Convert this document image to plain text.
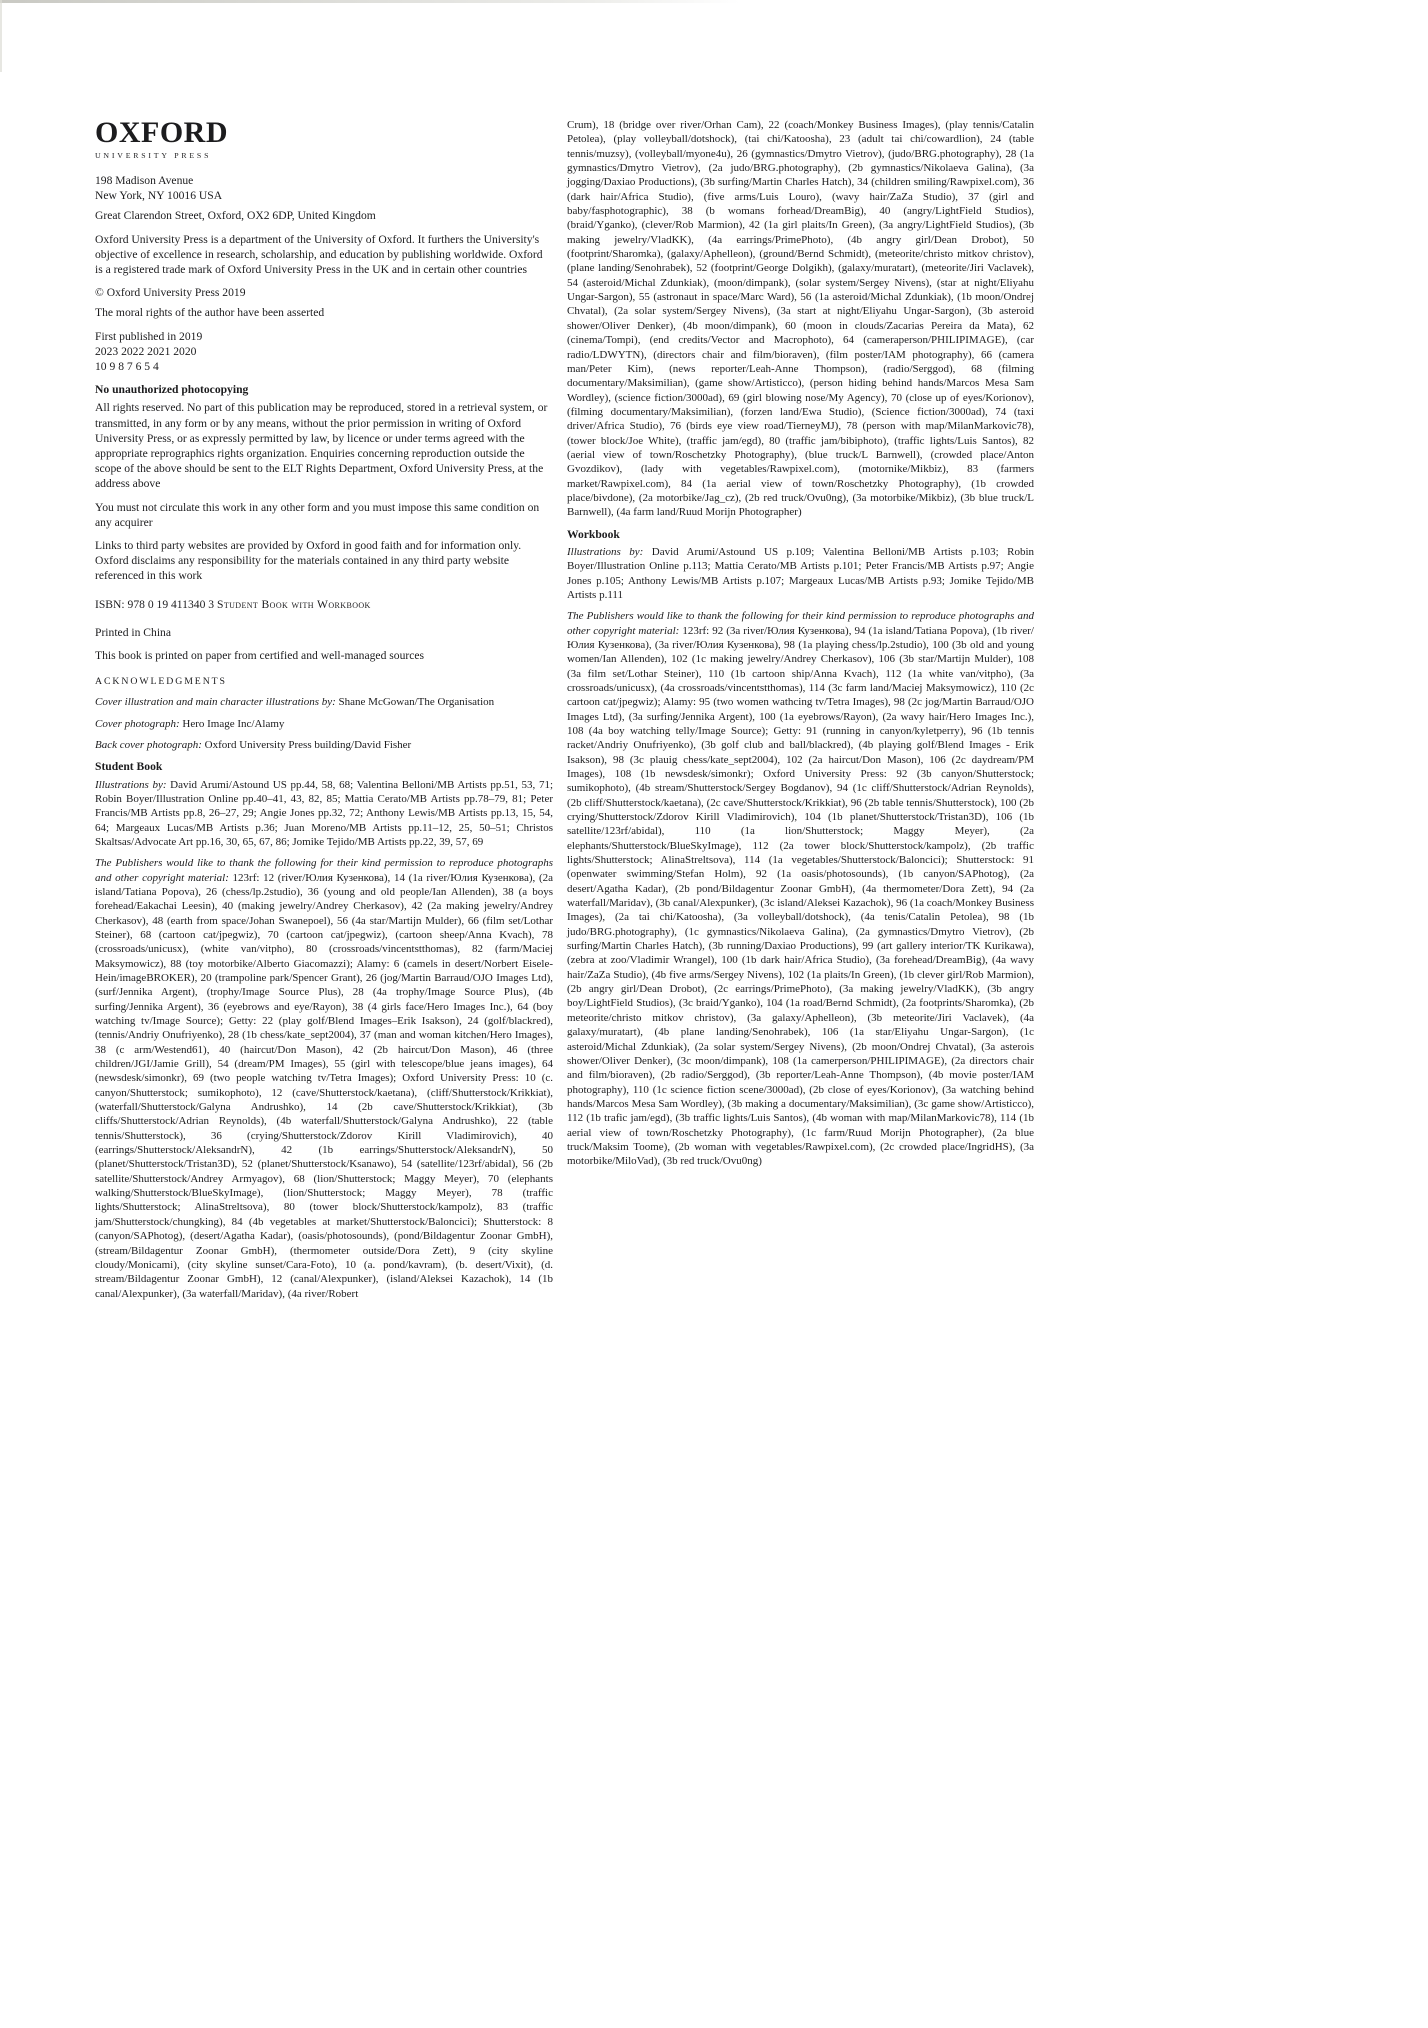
OXFORD
UNIVERSITY PRESS

198 Madison Avenue
New York, NY 10016 USA

Great Clarendon Street, Oxford, OX2 6DP, United Kingdom

Oxford University Press is a department of the University of Oxford. It furthers the University's objective of excellence in research, scholarship, and education by publishing worldwide. Oxford is a registered trade mark of Oxford University Press in the UK and in certain other countries

© Oxford University Press 2019

The moral rights of the author have been asserted

First published in 2019
2023 2022 2021 2020
10 9 8 7 6 5 4

No unauthorized photocopying

All rights reserved. No part of this publication may be reproduced, stored in a retrieval system, or transmitted, in any form or by any means, without the prior permission in writing of Oxford University Press, or as expressly permitted by law, by licence or under terms agreed with the appropriate reprographics rights organization. Enquiries concerning reproduction outside the scope of the above should be sent to the ELT Rights Department, Oxford University Press, at the address above

You must not circulate this work in any other form and you must impose this same condition on any acquirer

Links to third party websites are provided by Oxford in good faith and for information only. Oxford disclaims any responsibility for the materials contained in any third party website referenced in this work

ISBN: 978 0 19 411340 3 Student Book with Workbook

Printed in China

This book is printed on paper from certified and well-managed sources

ACKNOWLEDGMENTS

Cover illustration and main character illustrations by: Shane McGowan/The Organisation

Cover photograph: Hero Image Inc/Alamy

Back cover photograph: Oxford University Press building/David Fisher

Student Book

Illustrations by: David Arumi/Astound US pp.44, 58, 68; Valentina Belloni/MB Artists pp.51, 53, 71; Robin Boyer/Illustration Online pp.40–41, 43, 82, 85; Mattia Cerato/MB Artists pp.78–79, 81; Peter Francis/MB Artists pp.8, 26–27, 29; Angie Jones pp.32, 72; Anthony Lewis/MB Artists pp.13, 15, 54, 64; Margeaux Lucas/MB Artists p.36; Juan Moreno/MB Artists pp.11–12, 25, 50–51; Christos Skaltsas/Advocate Art pp.16, 30, 65, 67, 86; Jomike Tejido/MB Artists pp.22, 39, 57, 69

The Publishers would like to thank the following for their kind permission to reproduce photographs and other copyright material: 123rf: 12 (river/Юлия Кузенкова), 14 (1a river/Юлия Кузенкова), (2a island/Tatiana Popova), 26 (chess/lp.2studio), 36 (young and old people/Ian Allenden), 38 (a boys forehead/Eakachai Leesin), 40 (making jewelry/Andrey Cherkasov), 42 (2a making jewelry/Andrey Cherkasov), 48 (earth from space/Johan Swanepoel), 56 (4a star/Martijn Mulder), 66 (film set/Lothar Steiner), 68 (cartoon cat/jpegwiz), 70 (cartoon cat/jpegwiz), (cartoon sheep/Anna Kvach), 78 (crossroads/unicusx), (white van/vitpho), 80 (crossroads/vincentstthomas), 82 (farm/Maciej Maksymowicz), 88 (toy motorbike/Alberto Giacomazzi); Alamy: 6 (camels in desert/Norbert Eisele-Hein/imageBROKER), 20 (trampoline park/Spencer Grant), 26 (jog/Martin Barraud/OJO Images Ltd), (surf/Jennika Argent), (trophy/Image Source Plus), 28 (4a trophy/Image Source Plus), (4b surfing/Jennika Argent), 36 (eyebrows and eye/Rayon), 38 (4 girls face/Hero Images Inc.), 64 (boy watching tv/Image Source); Getty: 22 (play golf/Blend Images–Erik Isakson), 24 (golf/blackred), (tennis/Andriy Onufriyenko), 28 (1b chess/kate_sept2004), 37 (man and woman kitchen/Hero Images), 38 (c arm/Westend61), 40 (haircut/Don Mason), 42 (2b haircut/Don Mason), 46 (three children/JGI/Jamie Grill), 54 (dream/PM Images), 55 (girl with telescope/blue jeans images), 64 (newsdesk/simonkr), 69 (two people watching tv/Tetra Images); Oxford University Press: 10 (c. canyon/Shutterstock; sumikophoto), 12 (cave/Shutterstock/kaetana), (cliff/Shutterstock/Krikkiat), (waterfall/Shutterstock/Galyna Andrushko), 14 (2b cave/Shutterstock/Krikkiat), (3b cliffs/Shutterstock/Adrian Reynolds), (4b waterfall/Shutterstock/Galyna Andrushko), 22 (table tennis/Shutterstock), 36 (crying/Shutterstock/Zdorov Kirill Vladimirovich), 40 (earrings/Shutterstock/AleksandrN), 42 (1b earrings/Shutterstock/AleksandrN), 50 (planet/Shutterstock/Tristan3D), 52 (planet/Shutterstock/Ksanawo), 54 (satellite/123rf/abidal), 56 (2b satellite/Shutterstock/Andrey Armyagov), 68 (lion/Shutterstock; Maggy Meyer), 70 (elephants walking/Shutterstock/BlueSkyImage), (lion/Shutterstock; Maggy Meyer), 78 (traffic lights/Shutterstock; AlinaStreltsova), 80 (tower block/Shutterstock/kampolz), 83 (traffic jam/Shutterstock/chungking), 84 (4b vegetables at market/Shutterstock/Baloncici); Shutterstock: 8 (canyon/SAPhotog), (desert/Agatha Kadar), (oasis/photosounds), (pond/Bildagentur Zoonar GmbH), (stream/Bildagentur Zoonar GmbH), (thermometer outside/Dora Zett), 9 (city skyline cloudy/Monicami), (city skyline sunset/Cara-Foto), 10 (a. pond/kavram), (b. desert/Vixit), (d. stream/Bildagentur Zoonar GmbH), 12 (canal/Alexpunker), (island/Aleksei Kazachok), 14 (1b canal/Alexpunker), (3a waterfall/Maridav), (4a river/Robert

Crum), 18 (bridge over river/Orhan Cam), 22 (coach/Monkey Business Images), (play tennis/Catalin Petolea), (play volleyball/dotshock), (tai chi/Katoosha), 23 (adult tai chi/cowardlion), 24 (table tennis/muzsy), (volleyball/myone4u), 26 (gymnastics/Dmytro Vietrov), (judo/BRG.photography), 28 (1a gymnastics/Dmytro Vietrov), (2a judo/BRG.photography), (2b gymnastics/Nikolaeva Galina), (3a jogging/Daxiao Productions), (3b surfing/Martin Charles Hatch), 34 (children smiling/Rawpixel.com), 36 (dark hair/Africa Studio), (five arms/Luis Louro), (wavy hair/ZaZa Studio), 37 (girl and baby/fasphotographic), 38 (b womans forhead/DreamBig), 40 (angry/LightField Studios), (braid/Yganko), (clever/Rob Marmion), 42 (1a girl plaits/In Green), (3a angry/LightField Studios), (3b making jewelry/VladKK), (4a earrings/PrimePhoto), (4b angry girl/Dean Drobot), 50 (footprint/Sharomka), (galaxy/Aphelleon), (ground/Bernd Schmidt), (meteorite/christo mitkov christov), (plane landing/Senohrabek), 52 (footprint/George Dolgikh), (galaxy/muratart), (meteorite/Jiri Vaclavek), 54 (asteroid/Michal Zdunkiak), (moon/dimpank), (solar system/Sergey Nivens), (star at night/Eliyahu Ungar-Sargon), 55 (astronaut in space/Marc Ward), 56 (1a asteroid/Michal Zdunkiak), (1b moon/Ondrej Chvatal), (2a solar system/Sergey Nivens), (3a start at night/Eliyahu Ungar-Sargon), (3b asteroid shower/Oliver Denker), (4b moon/dimpank), 60 (moon in clouds/Zacarias Pereira da Mata), 62 (cinema/Tompi), (end credits/Vector and Macrophoto), 64 (cameraperson/PHILIPIMAGE), (car radio/LDWYTN), (directors chair and film/bioraven), (film poster/IAM photography), 66 (camera man/Peter Kim), (news reporter/Leah-Anne Thompson), (radio/Serggod), 68 (filming documentary/Maksimilian), (game show/Artisticco), (person hiding behind hands/Marcos Mesa Sam Wordley), (science fiction/3000ad), 69 (girl blowing nose/My Agency), 70 (close up of eyes/Korionov), (filming documentary/Maksimilian), (forzen land/Ewa Studio), (Science fiction/3000ad), 74 (taxi driver/Africa Studio), 76 (birds eye view road/TierneyMJ), 78 (person with map/MilanMarkovic78), (tower block/Joe White), (traffic jam/egd), 80 (traffic jam/bibiphoto), (traffic lights/Luis Santos), 82 (aerial view of town/Roschetzky Photography), (blue truck/L Barnwell), (crowded place/Anton Gvozdikov), (lady with vegetables/Rawpixel.com), (motornike/Mikbiz), 83 (farmers market/Rawpixel.com), 84 (1a aerial view of town/Roschetzky Photography), (1b crowded place/bivdone), (2a motorbike/Jag_cz), (2b red truck/Ovu0ng), (3a motorbike/Mikbiz), (3b blue truck/L Barnwell), (4a farm land/Ruud Morijn Photographer)

Workbook

Illustrations by: David Arumi/Astound US p.109; Valentina Belloni/MB Artists p.103; Robin Boyer/Illustration Online p.113; Mattia Cerato/MB Artists p.101; Peter Francis/MB Artists p.97; Angie Jones p.105; Anthony Lewis/MB Artists p.107; Margeaux Lucas/MB Artists p.93; Jomike Tejido/MB Artists p.111

The Publishers would like to thank the following for their kind permission to reproduce photographs and other copyright material: 123rf: 92 (3a river/Юлия Кузенкова), 94 (1a island/Tatiana Popova), (1b river/Юлия Кузенкова), (3a river/Юлия Кузенкова), 98 (1a playing chess/lp.2studio), 100 (3b old and young women/Ian Allenden), 102 (1c making jewelry/Andrey Cherkasov), 106 (3b star/Martijn Mulder), 108 (3a film set/Lothar Steiner), 110 (1b cartoon ship/Anna Kvach), 112 (1a white van/vitpho), (3a crossroads/unicusx), (4a crossroads/vincentstthomas), 114 (3c farm land/Maciej Maksymowicz), 110 (2c cartoon cat/jpegwiz); Alamy: 95 (two women wathcing tv/Tetra Images), 98 (2c jog/Martin Barraud/OJO Images Ltd), (3a surfing/Jennika Argent), 100 (1a eyebrows/Rayon), (2a wavy hair/Hero Images Inc.), 108 (4a boy watching telly/Image Source); Getty: 91 (running in canyon/kyletperry), 96 (1b tennis racket/Andriy Onufriyenko), (3b golf club and ball/blackred), (4b playing golf/Blend Images - Erik Isakson), 98 (3c plauig chess/kate_sept2004), 102 (2a haircut/Don Mason), 106 (2c daydream/PM Images), 108 (1b newsdesk/simonkr); Oxford University Press: 92 (3b canyon/Shutterstock; sumikophoto), (4b stream/Shutterstock/Sergey Bogdanov), 94 (1c cliff/Shutterstock/Adrian Reynolds), (2b cliff/Shutterstock/kaetana), (2c cave/Shutterstock/Krikkiat), 96 (2b table tennis/Shutterstock), 100 (2b crying/Shutterstock/Zdorov Kirill Vladimirovich), 104 (1b planet/Shutterstock/Tristan3D), 106 (1b satellite/123rf/abidal), 110 (1a lion/Shutterstock; Maggy Meyer), (2a elephants/Shutterstock/BlueSkyImage), 112 (2a tower block/Shutterstock/kampolz), (2b traffic lights/Shutterstock; AlinaStreltsova), 114 (1a vegetables/Shutterstock/Baloncici); Shutterstock: 91 (openwater swimming/Stefan Holm), 92 (1a oasis/photosounds), (1b canyon/SAPhotog), (2a desert/Agatha Kadar), (2b pond/Bildagentur Zoonar GmbH), (4a thermometer/Dora Zett), 94 (2a waterfall/Maridav), (3b canal/Alexpunker), (3c island/Aleksei Kazachok), 96 (1a coach/Monkey Business Images), (2a tai chi/Katoosha), (3a volleyball/dotshock), (4a tenis/Catalin Petolea), 98 (1b judo/BRG.photography), (1c gymnastics/Nikolaeva Galina), (2a gymnastics/Dmytro Vietrov), (2b surfing/Martin Charles Hatch), (3b running/Daxiao Productions), 99 (art gallery interior/TK Kurikawa), (zebra at zoo/Vladimir Wrangel), 100 (1b dark hair/Africa Studio), (3a forehead/DreamBig), (4a wavy hair/ZaZa Studio), (4b five arms/Sergey Nivens), 102 (1a plaits/In Green), (1b clever girl/Rob Marmion), (2b angry girl/Dean Drobot), (2c earrings/PrimePhoto), (3a making jewelry/VladKK), (3b angry boy/LightField Studios), (3c braid/Yganko), 104 (1a road/Bernd Schmidt), (2a footprints/Sharomka), (2b meteorite/christo mitkov christov), (3a galaxy/Aphelleon), (3b meteorite/Jiri Vaclavek), (4a galaxy/muratart), (4b plane landing/Senohrabek), 106 (1a star/Eliyahu Ungar-Sargon), (1c asteroid/Michal Zdunkiak), (2a solar system/Sergey Nivens), (2b moon/Ondrej Chvatal), (3a asterois shower/Oliver Denker), (3c moon/dimpank), 108 (1a camerperson/PHILIPIMAGE), (2a directors chair and film/bioraven), (2b radio/Serggod), (3b reporter/Leah-Anne Thompson), (4b movie poster/IAM photography), 110 (1c science fiction scene/3000ad), (2b close of eyes/Korionov), (3a watching behind hands/Marcos Mesa Sam Wordley), (3b making a documentary/Maksimilian), (3c game show/Artisticco), 112 (1b trafic jam/egd), (3b traffic lights/Luis Santos), (4b woman with map/MilanMarkovic78), 114 (1b aerial view of town/Roschetzky Photography), (1c farm/Ruud Morijn Photographer), (2a blue truck/Maksim Toome), (2b woman with vegetables/Rawpixel.com), (2c crowded place/IngridHS), (3a motorbike/MiloVad), (3b red truck/Ovu0ng)
